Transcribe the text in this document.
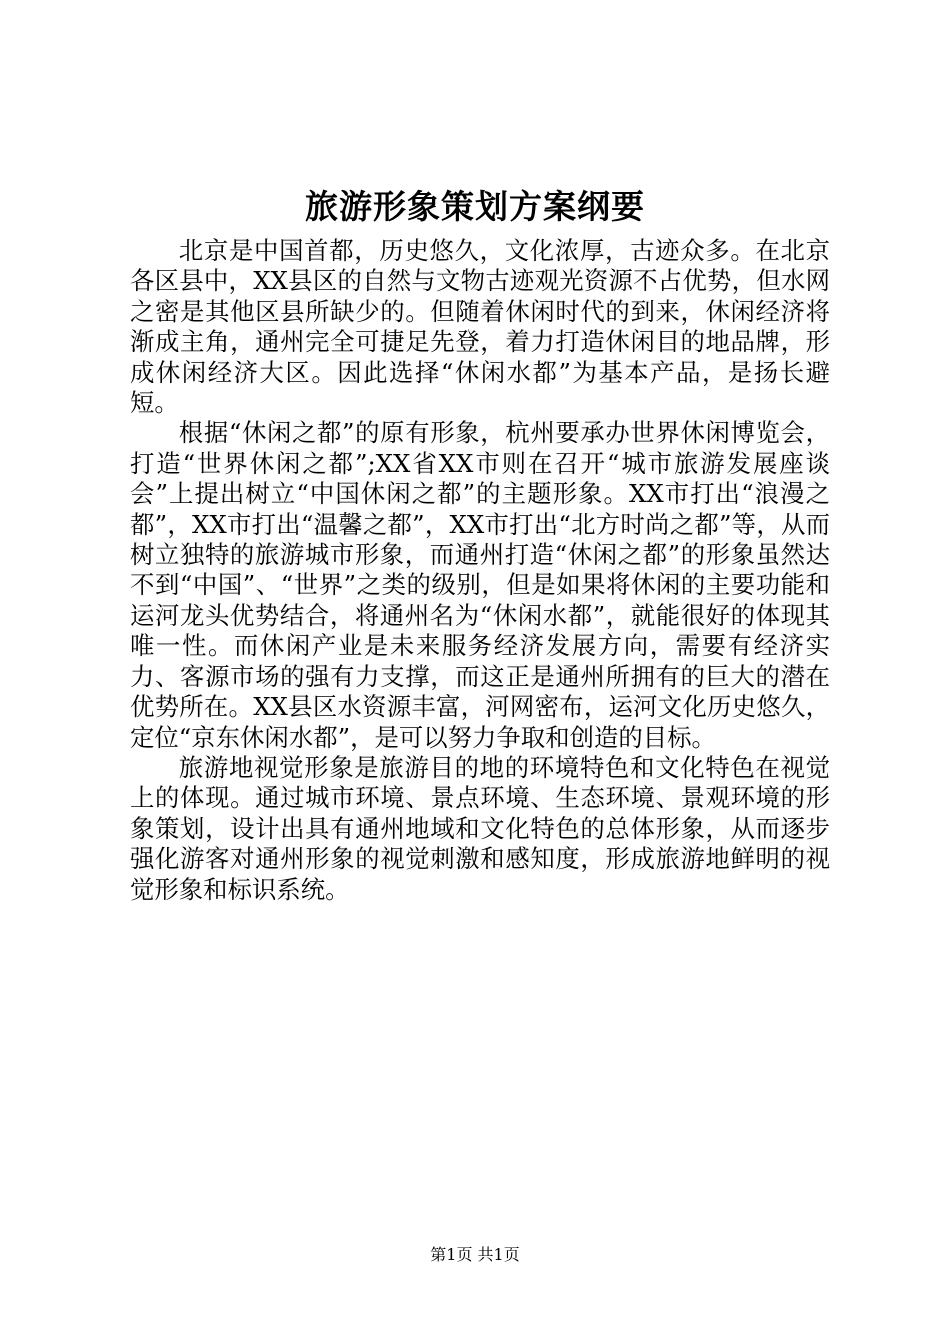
旅游形象策划方案纲要

北京是中国首都，历史悠久，文化浓厚，古迹众多。在北京各区县中，XX县区的自然与文物古迹观光资源不占优势，但水网之密是其他区县所缺少的。但随着休闲时代的到来，休闲经济将渐成主角，通州完全可捷足先登，着力打造休闲目的地品牌，形成休闲经济大区。因此选择“休闲水都”为基本产品，是扬长避短。

根据“休闲之都”的原有形象，杭州要承办世界休闲博览会，打造“世界休闲之都”;XX省XX市则在召开“城市旅游发展座谈会”上提出树立“中国休闲之都”的主题形象。XX市打出“浪漫之都”，XX市打出“温馨之都”，XX市打出“北方时尚之都”等，从而树立独特的旅游城市形象，而通州打造“休闲之都”的形象虽然达不到“中国”、“世界”之类的级别，但是如果将休闲的主要功能和运河龙头优势结合，将通州名为“休闲水都”，就能很好的体现其唯一性。而休闲产业是未来服务经济发展方向，需要有经济实力、客源市场的强有力支撑，而这正是通州所拥有的巨大的潜在优势所在。XX县区水资源丰富，河网密布，运河文化历史悠久，定位“京东休闲水都”，是可以努力争取和创造的目标。

旅游地视觉形象是旅游目的地的环境特色和文化特色在视觉上的体现。通过城市环境、景点环境、生态环境、景观环境的形象策划，设计出具有通州地域和文化特色的总体形象，从而逐步强化游客对通州形象的视觉刺激和感知度，形成旅游地鲜明的视觉形象和标识系统。

第1页 共1页
